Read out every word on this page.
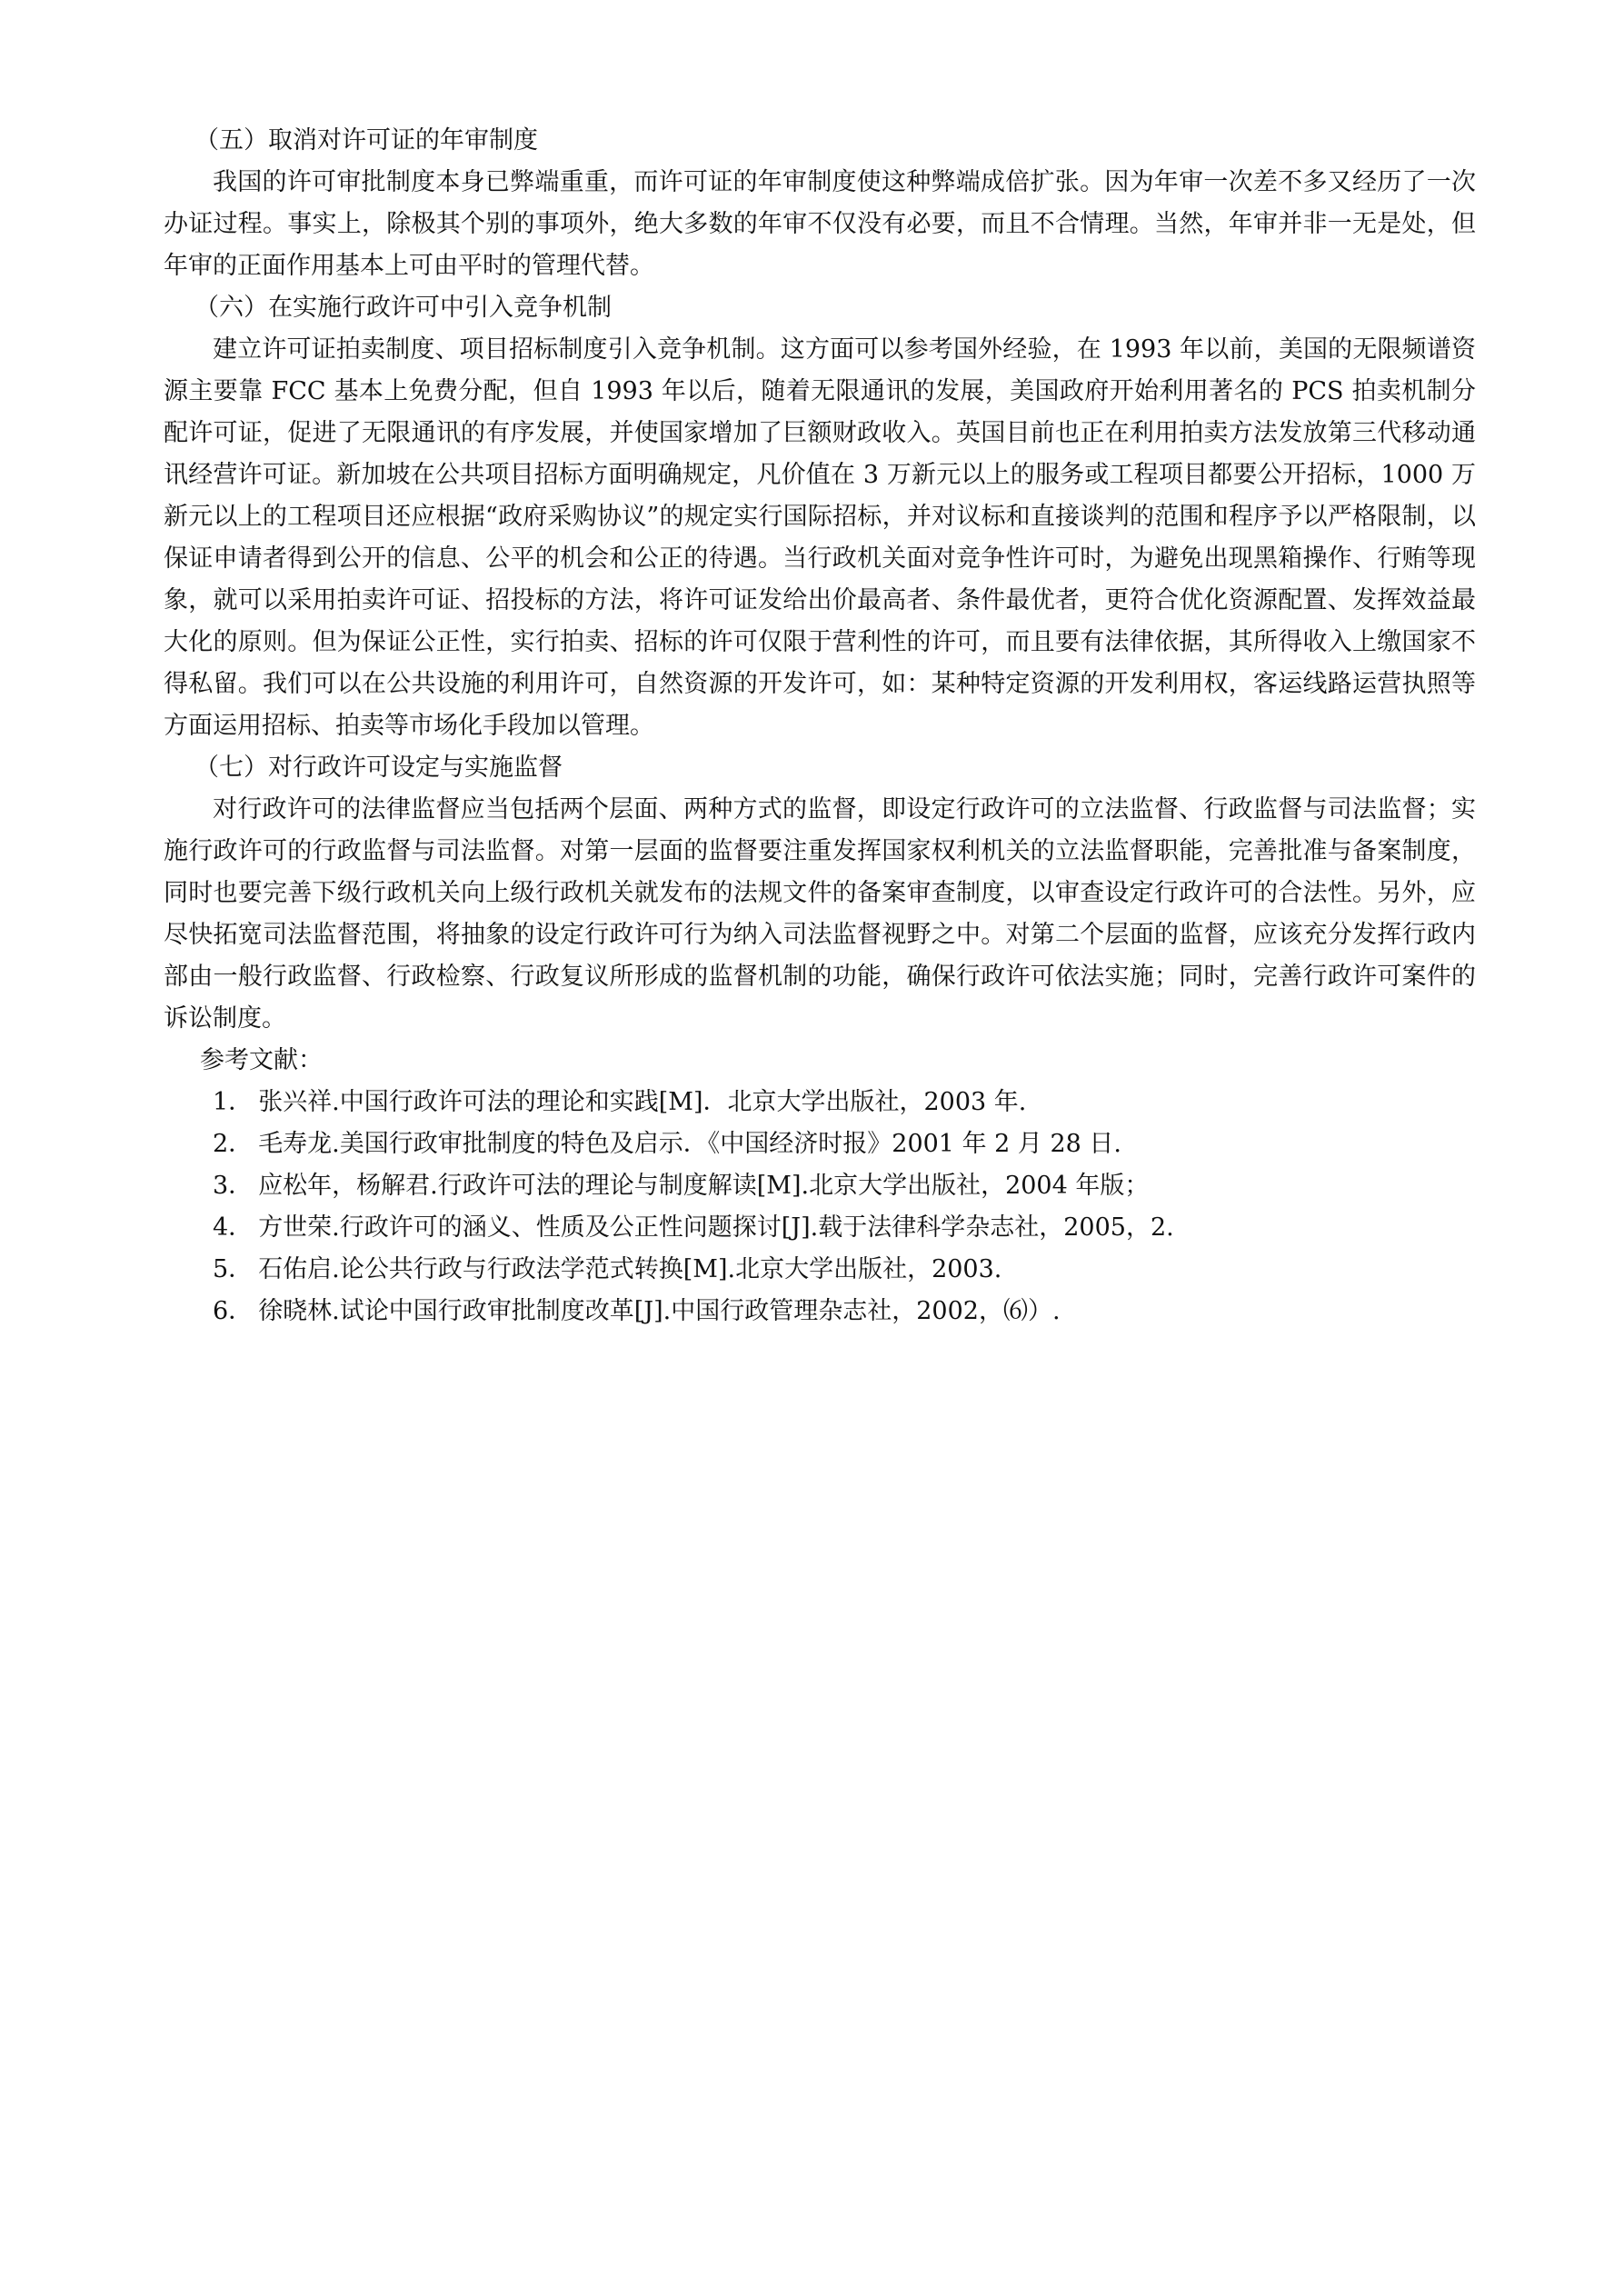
（五）取消对许可证的年审制度

我国的许可审批制度本身已弊端重重，而许可证的年审制度使这种弊端成倍扩张。因为年审一次差不多又经历了一次办证过程。事实上，除极其个别的事项外，绝大多数的年审不仅没有必要，而且不合情理。当然，年审并非一无是处，但年审的正面作用基本上可由平时的管理代替。

（六）在实施行政许可中引入竞争机制

建立许可证拍卖制度、项目招标制度引入竞争机制。这方面可以参考国外经验，在 1993 年以前，美国的无限频谱资源主要靠 FCC 基本上免费分配，但自 1993 年以后，随着无限通讯的发展，美国政府开始利用著名的 PCS 拍卖机制分配许可证，促进了无限通讯的有序发展，并使国家增加了巨额财政收入。英国目前也正在利用拍卖方法发放第三代移动通讯经营许可证。新加坡在公共项目招标方面明确规定，凡价值在 3 万新元以上的服务或工程项目都要公开招标，1000 万新元以上的工程项目还应根据“政府采购协议”的规定实行国际招标，并对议标和直接谈判的范围和程序予以严格限制，以保证申请者得到公开的信息、公平的机会和公正的待遇。当行政机关面对竞争性许可时，为避免出现黑箱操作、行贿等现象，就可以采用拍卖许可证、招投标的方法，将许可证发给出价最高者、条件最优者，更符合优化资源配置、发挥效益最大化的原则。但为保证公正性，实行拍卖、招标的许可仅限于营利性的许可，而且要有法律依据，其所得收入上缴国家不得私留。我们可以在公共设施的利用许可，自然资源的开发许可，如：某种特定资源的开发利用权，客运线路运营执照等方面运用招标、拍卖等市场化手段加以管理。

（七）对行政许可设定与实施监督

对行政许可的法律监督应当包括两个层面、两种方式的监督，即设定行政许可的立法监督、行政监督与司法监督；实施行政许可的行政监督与司法监督。对第一层面的监督要注重发挥国家权利机关的立法监督职能，完善批准与备案制度，同时也要完善下级行政机关向上级行政机关就发布的法规文件的备案审查制度，以审查设定行政许可的合法性。另外，应尽快拓宽司法监督范围，将抽象的设定行政许可行为纳入司法监督视野之中。对第二个层面的监督，应该充分发挥行政内部由一般行政监督、行政检察、行政复议所形成的监督机制的功能，确保行政许可依法实施；同时，完善行政许可案件的诉讼制度。

参考文献：

1． 张兴祥.中国行政许可法的理论和实践[M]．北京大学出版社，2003 年.
2． 毛寿龙.美国行政审批制度的特色及启示．《中国经济时报》2001 年 2 月 28 日.
3． 应松年，杨解君.行政许可法的理论与制度解读[M].北京大学出版社，2004 年版；
4． 方世荣.行政许可的涵义、性质及公正性问题探讨[J].载于法律科学杂志社，2005，2.
5． 石佑启.论公共行政与行政法学范式转换[M].北京大学出版社，2003.
6． 徐晓林.试论中国行政审批制度改革[J].中国行政管理杂志社，2002，⑹）.
